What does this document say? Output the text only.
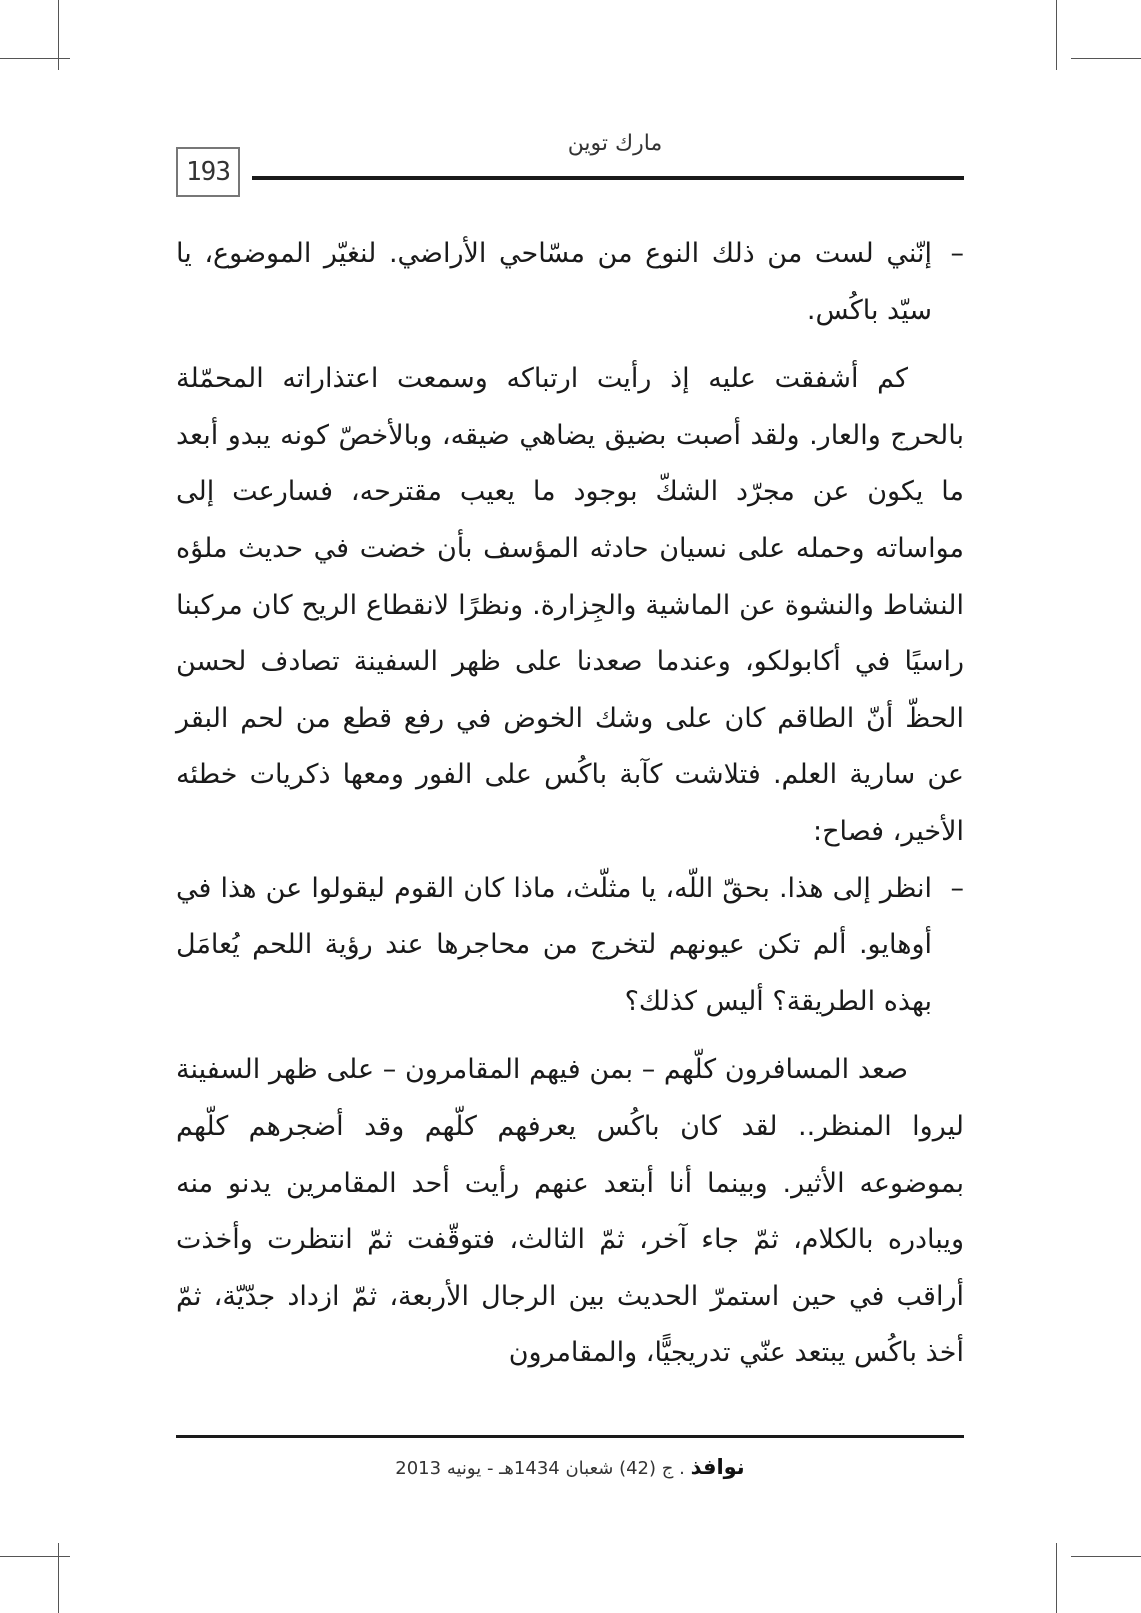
193
مارك توين

–
إنّني لست من ذلك النوع من مسّاحي الأراضي. لنغيّر الموضوع، يا سيّد باكُس.

كم أشفقت عليه إذ رأيت ارتباكه وسمعت اعتذاراته المحمّلة بالحرج والعار. ولقد أصبت بضيق يضاهي ضيقه، وبالأخصّ كونه يبدو أبعد ما يكون عن مجرّد الشكّ بوجود ما يعيب مقترحه، فسارعت إلى مواساته وحمله على نسيان حادثه المؤسف بأن خضت في حديث ملؤه النشاط والنشوة عن الماشية والجِزارة. ونظرًا لانقطاع الريح كان مركبنا راسيًا في أكابولكو، وعندما صعدنا على ظهر السفينة تصادف لحسن الحظّ أنّ الطاقم كان على وشك الخوض في رفع قطع من لحم البقر عن سارية العلم. فتلاشت كآبة باكُس على الفور ومعها ذكريات خطئه الأخير، فصاح:

–
انظر إلى هذا. بحقّ اللّه، يا مثلّث، ماذا كان القوم ليقولوا عن هذا في أوهايو. ألم تكن عيونهم لتخرج من محاجرها عند رؤية اللحم يُعامَل بهذه الطريقة؟ أليس كذلك؟

صعد المسافرون كلّهم – بمن فيهم المقامرون – على ظهر السفينة ليروا المنظر.. لقد كان باكُس يعرفهم كلّهم وقد أضجرهم كلّهم بموضوعه الأثير. وبينما أنا أبتعد عنهم رأيت أحد المقامرين يدنو منه ويبادره بالكلام، ثمّ جاء آخر، ثمّ الثالث، فتوقّفت ثمّ انتظرت وأخذت أراقب في حين استمرّ الحديث بين الرجال الأربعة، ثمّ ازداد جدّيّة، ثمّ أخذ باكُس يبتعد عنّي تدريجيًّا، والمقامرون

نوافذ . ج (42) شعبان 1434هـ - يونيه 2013
